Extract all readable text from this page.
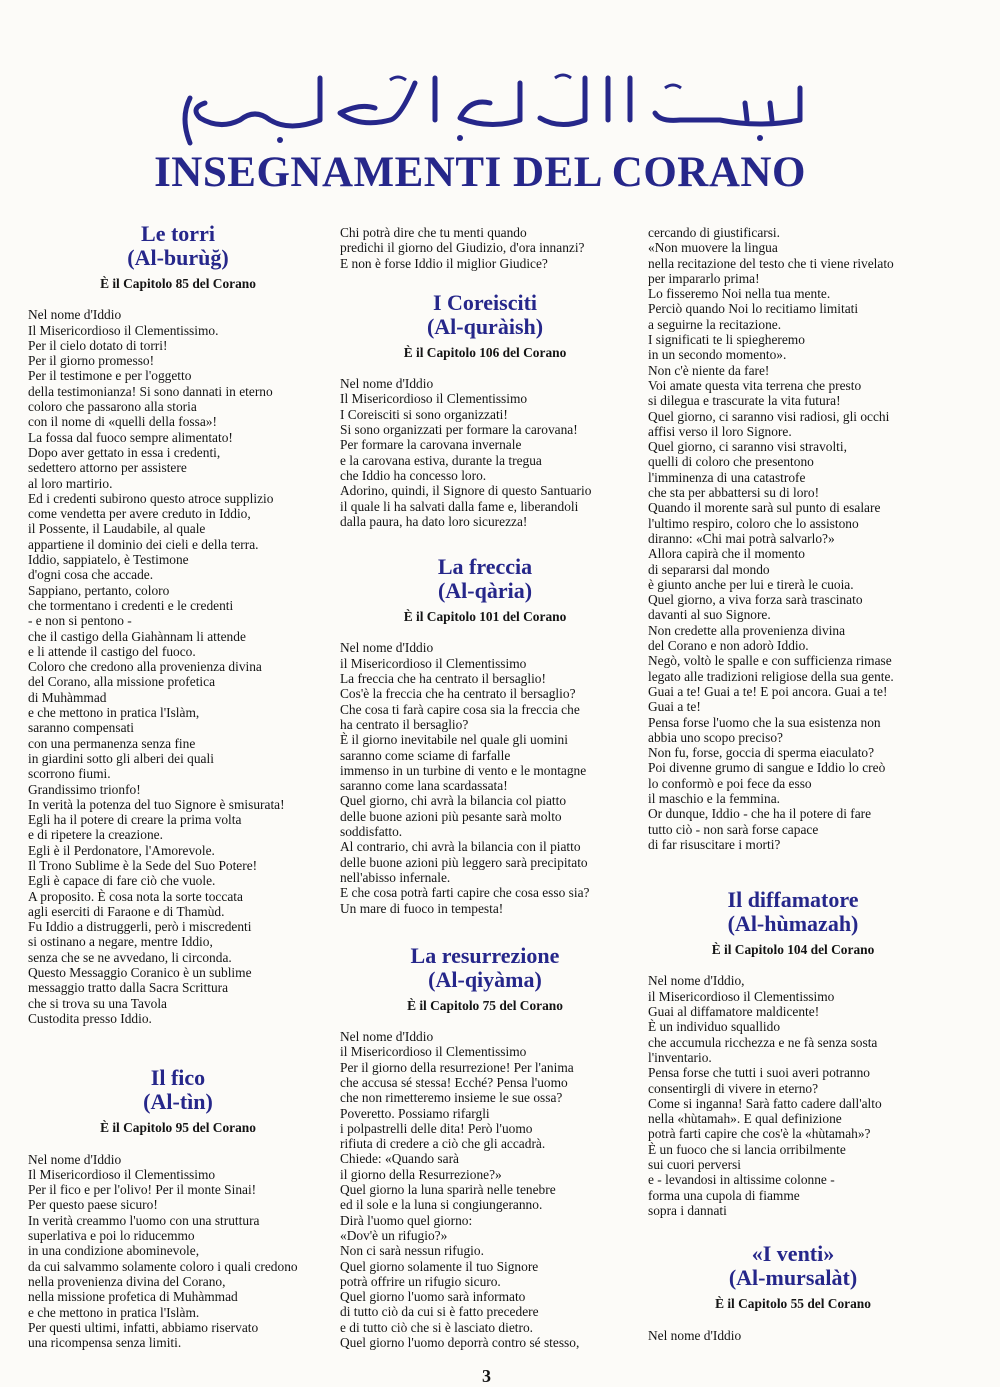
INSEGNAMENTI DEL CORANO
Le torri
(Al-burùğ)
È il Capitolo 85 del Corano
Nel nome d'Iddio
Il Misericordioso il Clementissimo.
Per il cielo dotato di torri!
Per il giorno promesso!
Per il testimone e per l'oggetto
della testimonianza! Si sono dannati in eterno
coloro che passarono alla storia
con il nome di «quelli della fossa»!
La fossa dal fuoco sempre alimentato!
Dopo aver gettato in essa i credenti,
sedettero attorno per assistere
al loro martirio.
Ed i credenti subirono questo atroce supplizio
come vendetta per avere creduto in Iddio,
il Possente, il Laudabile, al quale
appartiene il dominio dei cieli e della terra.
Iddio, sappiatelo, è Testimone
d'ogni cosa che accade.
Sappiano, pertanto, coloro
che tormentano i credenti e le credenti
- e non si pentono -
che il castigo della Giahànnam li attende
e li attende il castigo del fuoco.
Coloro che credono alla provenienza divina
del Corano, alla missione profetica
di Muhàmmad
e che mettono in pratica l'Islàm,
saranno compensati
con una permanenza senza fine
in giardini sotto gli alberi dei quali
scorrono fiumi.
Grandissimo trionfo!
In verità la potenza del tuo Signore è smisurata!
Egli ha il potere di creare la prima volta
e di ripetere la creazione.
Egli è il Perdonatore, l'Amorevole.
Il Trono Sublime è la Sede del Suo Potere!
Egli è capace di fare ciò che vuole.
A proposito. È cosa nota la sorte toccata
agli eserciti di Faraone e di Thamùd.
Fu Iddio a distruggerli, però i miscredenti
si ostinano a negare, mentre Iddio,
senza che se ne avvedano, li circonda.
Questo Messaggio Coranico è un sublime
messaggio tratto dalla Sacra Scrittura
che si trova su una Tavola
Custodita presso Iddio.
Il fico
(Al-tìn)
È il Capitolo 95 del Corano
Nel nome d'Iddio
Il Misericordioso il Clementissimo
Per il fico e per l'olivo! Per il monte Sinai!
Per questo paese sicuro!
In verità creammo l'uomo con una struttura
superlativa e poi lo riducemmo
in una condizione abominevole,
da cui salvammo solamente coloro i quali credono
nella provenienza divina del Corano,
nella missione profetica di Muhàmmad
e che mettono in pratica l'Islàm.
Per questi ultimi, infatti, abbiamo riservato
una ricompensa senza limiti.
Chi potrà dire che tu menti quando
predichi il giorno del Giudizio, d'ora innanzi?
E non è forse Iddio il miglior Giudice?
I Coreisciti
(Al-quràish)
È il Capitolo 106 del Corano
Nel nome d'Iddio
Il Misericordioso il Clementissimo
I Coreisciti si sono organizzati!
Si sono organizzati per formare la carovana!
Per formare la carovana invernale
e la carovana estiva, durante la tregua
che Iddio ha concesso loro.
Adorino, quindi, il Signore di questo Santuario
il quale li ha salvati dalla fame e, liberandoli
dalla paura, ha dato loro sicurezza!
La freccia
(Al-qària)
È il Capitolo 101 del Corano
Nel nome d'Iddio
il Misericordioso il Clementissimo
La freccia che ha centrato il bersaglio!
Cos'è la freccia che ha centrato il bersaglio?
Che cosa ti farà capire cosa sia la freccia che
ha centrato il bersaglio?
È il giorno inevitabile nel quale gli uomini
saranno come sciame di farfalle
immenso in un turbine di vento e le montagne
saranno come lana scardassata!
Quel giorno, chi avrà la bilancia col piatto
delle buone azioni più pesante sarà molto
soddisfatto.
Al contrario, chi avrà la bilancia con il piatto
delle buone azioni più leggero sarà precipitato
nell'abisso infernale.
E che cosa potrà farti capire che cosa esso sia?
Un mare di fuoco in tempesta!
La resurrezione
(Al-qiyàma)
È il Capitolo 75 del Corano
Nel nome d'Iddio
il Misericordioso il Clementissimo
Per il giorno della resurrezione! Per l'anima
che accusa sé stessa! Ecché? Pensa l'uomo
che non rimetteremo insieme le sue ossa?
Poveretto. Possiamo rifargli
i polpastrelli delle dita! Però l'uomo
rifiuta di credere a ciò che gli accadrà.
Chiede: «Quando sarà
il giorno della Resurrezione?»
Quel giorno la luna sparirà nelle tenebre
ed il sole e la luna si congiungeranno.
Dirà l'uomo quel giorno:
«Dov'è un rifugio?»
Non ci sarà nessun rifugio.
Quel giorno solamente il tuo Signore
potrà offrire un rifugio sicuro.
Quel giorno l'uomo sarà informato
di tutto ciò da cui si è fatto precedere
e di tutto ciò che si è lasciato dietro.
Quel giorno l'uomo deporrà contro sé stesso,
cercando di giustificarsi.
«Non muovere la lingua
nella recitazione del testo che ti viene rivelato
per impararlo prima!
Lo fisseremo Noi nella tua mente.
Perciò quando Noi lo recitiamo limitati
a seguirne la recitazione.
I significati te li spiegheremo
in un secondo momento».
Non c'è niente da fare!
Voi amate questa vita terrena che presto
si dilegua e trascurate la vita futura!
Quel giorno, ci saranno visi radiosi, gli occhi
affisi verso il loro Signore.
Quel giorno, ci saranno visi stravolti,
quelli di coloro che presentono
l'imminenza di una catastrofe
che sta per abbattersi su di loro!
Quando il morente sarà sul punto di esalare
l'ultimo respiro, coloro che lo assistono
diranno: «Chi mai potrà salvarlo?»
Allora capirà che il momento
di separarsi dal mondo
è giunto anche per lui e tirerà le cuoia.
Quel giorno, a viva forza sarà trascinato
davanti al suo Signore.
Non credette alla provenienza divina
del Corano e non adorò Iddio.
Negò, voltò le spalle e con sufficienza rimase
legato alle tradizioni religiose della sua gente.
Guai a te! Guai a te! E poi ancora. Guai a te!
Guai a te!
Pensa forse l'uomo che la sua esistenza non
abbia uno scopo preciso?
Non fu, forse, goccia di sperma eiaculato?
Poi divenne grumo di sangue e Iddio lo creò
lo conformò e poi fece da esso
il maschio e la femmina.
Or dunque, Iddio - che ha il potere di fare
tutto ciò - non sarà forse capace
di far risuscitare i morti?
Il diffamatore
(Al-hùmazah)
È il Capitolo 104 del Corano
Nel nome d'Iddio,
il Misericordioso il Clementissimo
Guai al diffamatore maldicente!
È un individuo squallido
che accumula ricchezza e ne fà senza sosta
l'inventario.
Pensa forse che tutti i suoi averi potranno
consentirgli di vivere in eterno?
Come si inganna! Sarà fatto cadere dall'alto
nella «hùtamah». E qual definizione
potrà farti capire che cos'è la «hùtamah»?
È un fuoco che si lancia orribilmente
sui cuori perversi
e - levandosi in altissime colonne -
forma una cupola di fiamme
sopra i dannati
«I venti»
(Al-mursalàt)
È il Capitolo 55 del Corano
Nel nome d'Iddio
3
